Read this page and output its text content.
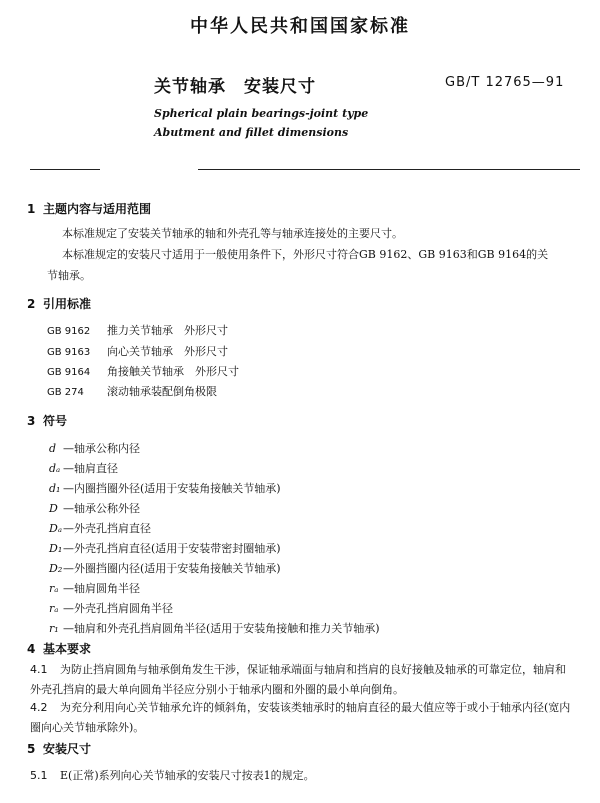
中华人民共和国国家标准
关节轴承　安装尺寸	GB/T 12765—91
Spherical plain bearings-joint type
Abutment and fillet dimensions
1 主题内容与适用范围
本标准规定了安装关节轴承的轴和外壳孔等与轴承连接处的主要尺寸。
本标准规定的安装尺寸适用于一般使用条件下，外形尺寸符合GB 9162、GB 9163和GB 9164的关
节轴承。
2 引用标准
GB 9162 推力关节轴承　外形尺寸
GB 9163 向心关节轴承　外形尺寸
GB 9164 角接触关节轴承　外形尺寸
GB 274 滚动轴承装配倒角极限
3 符号
d —轴承公称内径
dₐ —轴肩直径
d₁ —内圈挡圈外径(适用于安装角接触关节轴承)
D —轴承公称外径
Dₐ—外壳孔挡肩直径
D₁—外壳孔挡肩直径(适用于安装带密封圈轴承)
D₂—外圈挡圈内径(适用于安装角接触关节轴承)
rₐ —轴肩圆角半径
rₐ —外壳孔挡肩圆角半径
r₁ —轴肩和外壳孔挡肩圆角半径(适用于安装角接触和推力关节轴承)
4 基本要求
4.1 为防止挡肩圆角与轴承倒角发生干涉，保证轴承端面与轴肩和挡肩的良好接触及轴承的可靠定位，轴肩和外壳孔挡肩的最大单向圆角半径应分别小于轴承内圈和外圈的最小单向倒角。
4.2 为充分利用向心关节轴承允许的倾斜角，安装该类轴承时的轴肩直径的最大值应等于或小于轴承内径(宽内圈向心关节轴承除外)。
5 安装尺寸
5.1 E(正常)系列向心关节轴承的安装尺寸按表1的规定。
